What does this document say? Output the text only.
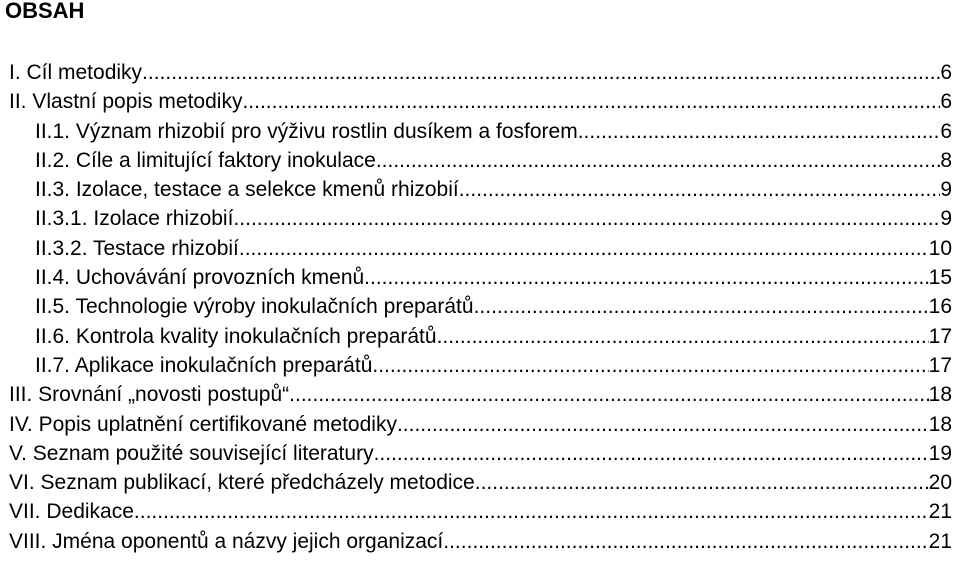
OBSAH
I. Cíl metodiky .....	6
II. Vlastní popis metodiky .....	6
II.1. Význam rhizobií pro výživu rostlin dusíkem a fosforem .....	6
II.2. Cíle a limitující faktory inokulace .....	8
II.3. Izolace, testace a selekce kmenů rhizobií .....	9
II.3.1. Izolace rhizobií .....	9
II.3.2. Testace rhizobií .....	10
II.4. Uchovávání provozních kmenů .....	15
II.5. Technologie výroby inokulačních preparátů .....	16
II.6. Kontrola kvality inokulačních preparátů .....	17
II.7. Aplikace inokulačních preparátů .....	17
III. Srovnání „novosti postupů“ .....	18
IV. Popis uplatnění certifikované metodiky .....	18
V. Seznam použité související literatury .....	19
VI. Seznam publikací, které předcházely metodice .....	20
VII. Dedikace .....	21
VIII. Jména oponentů a názvy jejich organizací .....	21
